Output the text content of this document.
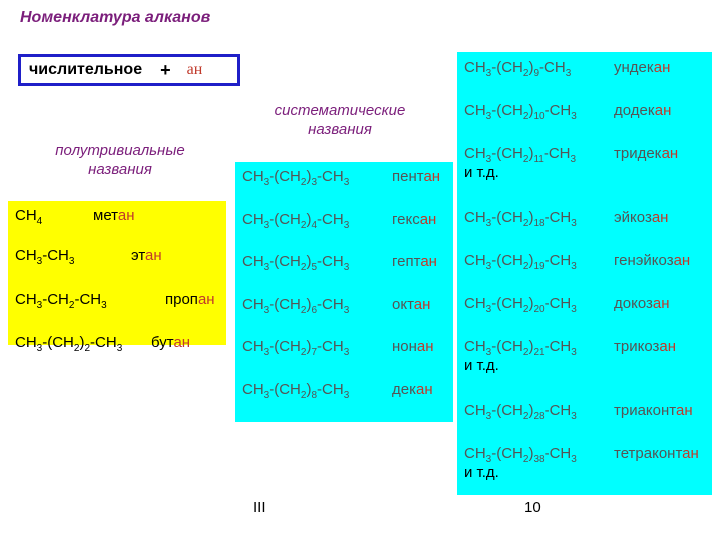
Номенклатура алканов
числительное + ан
полутривиальные
названия
систематические
названия
$CH_4$	метан
$CH_3-CH_3$	этан
$CH_3-CH_2-CH_3$	пропан
$CH_3-(CH_2)_2-CH_3$ бутан
$CH_3-(CH_2)_3-CH_3$	пентан
$CH_3-(CH_2)_4-CH_3$	гексан
$CH_3-(CH_2)_5-CH_3$	гептан
$CH_3-(CH_2)_6-CH_3$	октан
$CH_3-(CH_2)_7-CH_3$	нонан
$CH_3-(CH_2)_8-CH_3$	декан
$CH_3-(CH_2)_9-CH_3$	ундекан
$CH_3-(CH_2)_{10}-CH_3$ додекан
$CH_3-(CH_2)_{11}-CH_3$	тридекан
и т.д.
$CH_3-(CH_2)_{18}-CH_3$ эйкозан
$CH_3-(CH_2)_{19}-CH_3$ генэйкозан
$CH_3-(CH_2)_{20}-CH_3$ докозан
$CH_3-(CH_2)_{21}-CH_3$ трикозан
и т.д.
$CH_3-(CH_2)_{28}-CH_3$ триаконтан
$CH_3-(CH_2)_{38}-CH_3$ тетраконтан
и т.д.
III	10
